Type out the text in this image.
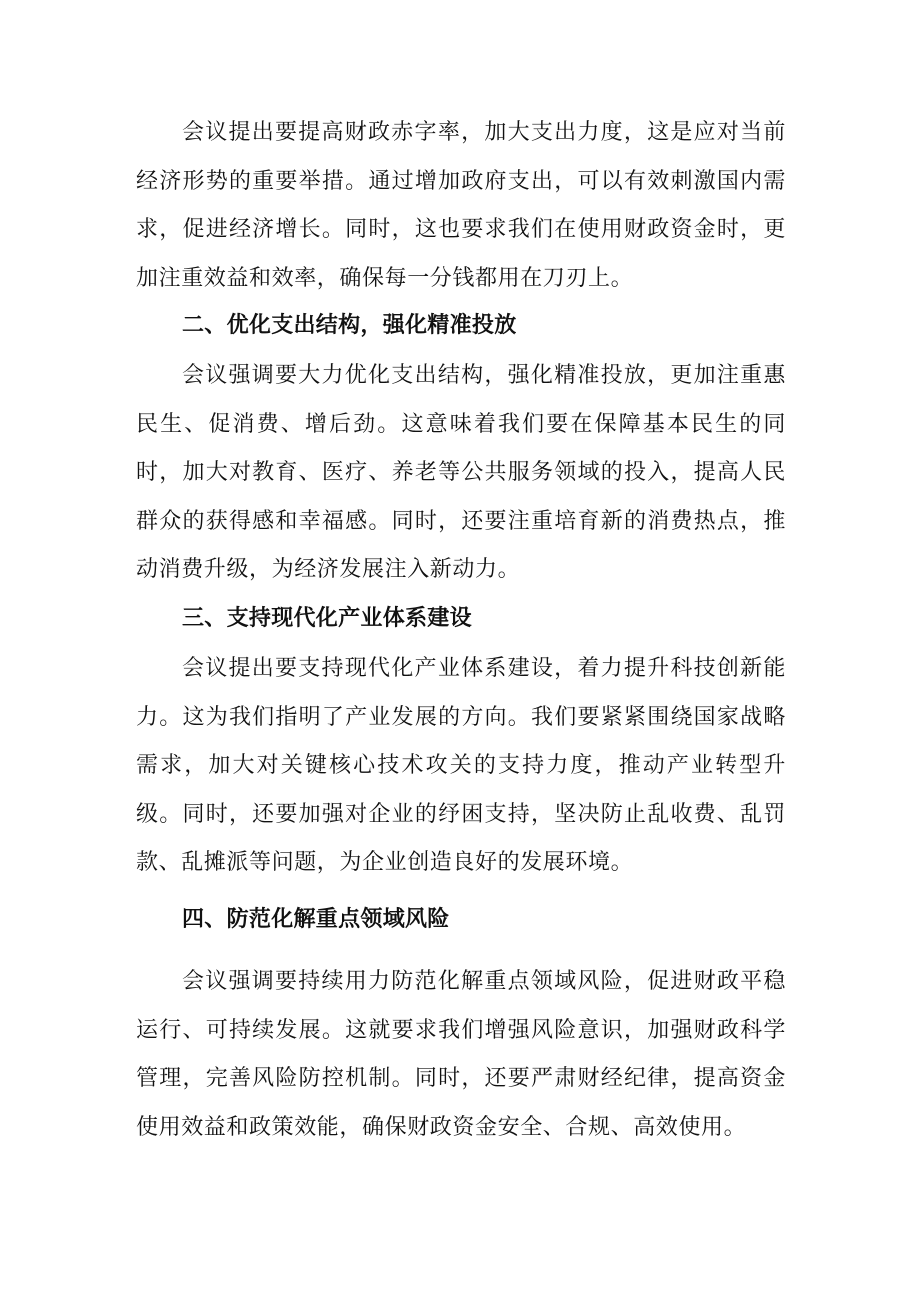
会议提出要提高财政赤字率，加大支出力度，这是应对当前经济形势的重要举措。通过增加政府支出，可以有效刺激国内需求，促进经济增长。同时，这也要求我们在使用财政资金时，更加注重效益和效率，确保每一分钱都用在刀刃上。

二、优化支出结构，强化精准投放

会议强调要大力优化支出结构，强化精准投放，更加注重惠民生、促消费、增后劲。这意味着我们要在保障基本民生的同时，加大对教育、医疗、养老等公共服务领域的投入，提高人民群众的获得感和幸福感。同时，还要注重培育新的消费热点，推动消费升级，为经济发展注入新动力。

三、支持现代化产业体系建设

会议提出要支持现代化产业体系建设，着力提升科技创新能力。这为我们指明了产业发展的方向。我们要紧紧围绕国家战略需求，加大对关键核心技术攻关的支持力度，推动产业转型升级。同时，还要加强对企业的纾困支持，坚决防止乱收费、乱罚款、乱摊派等问题，为企业创造良好的发展环境。

四、防范化解重点领域风险

会议强调要持续用力防范化解重点领域风险，促进财政平稳运行、可持续发展。这就要求我们增强风险意识，加强财政科学管理，完善风险防控机制。同时，还要严肃财经纪律，提高资金使用效益和政策效能，确保财政资金安全、合规、高效使用。
